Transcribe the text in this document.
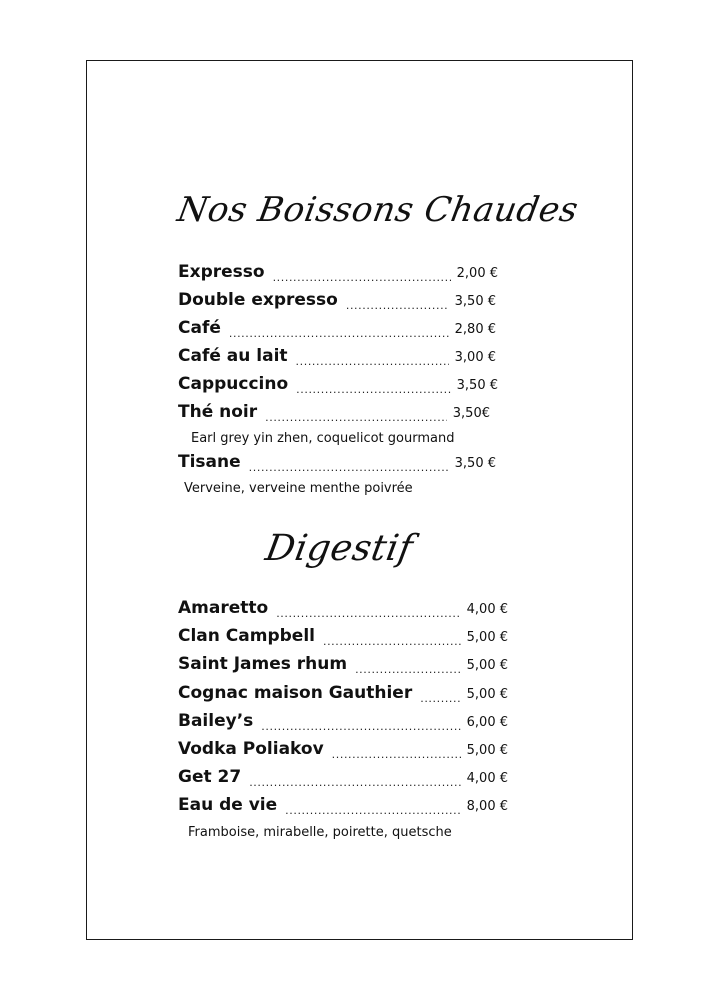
Nos Boissons Chaudes
Expresso .....	2,00 €
Double expresso .....	3,50 €
Café .....	2,80 €
Café au lait .....	3,00 €
Cappuccino .....	3,50 €
Thé noir .....	3,50€
Earl grey yin zhen, coquelicot gourmand
Tisane .....	3,50 €
Verveine, verveine menthe poivrée
Digestif
Amaretto .....	4,00 €
Clan Campbell .....	5,00 €
Saint James rhum .....	5,00 €
Cognac maison Gauthier .....	5,00 €
Bailey’s .....	6,00 €
Vodka Poliakov .....	5,00 €
Get 27 .....	4,00 €
Eau de vie .....	8,00 €
Framboise, mirabelle, poirette, quetsche
